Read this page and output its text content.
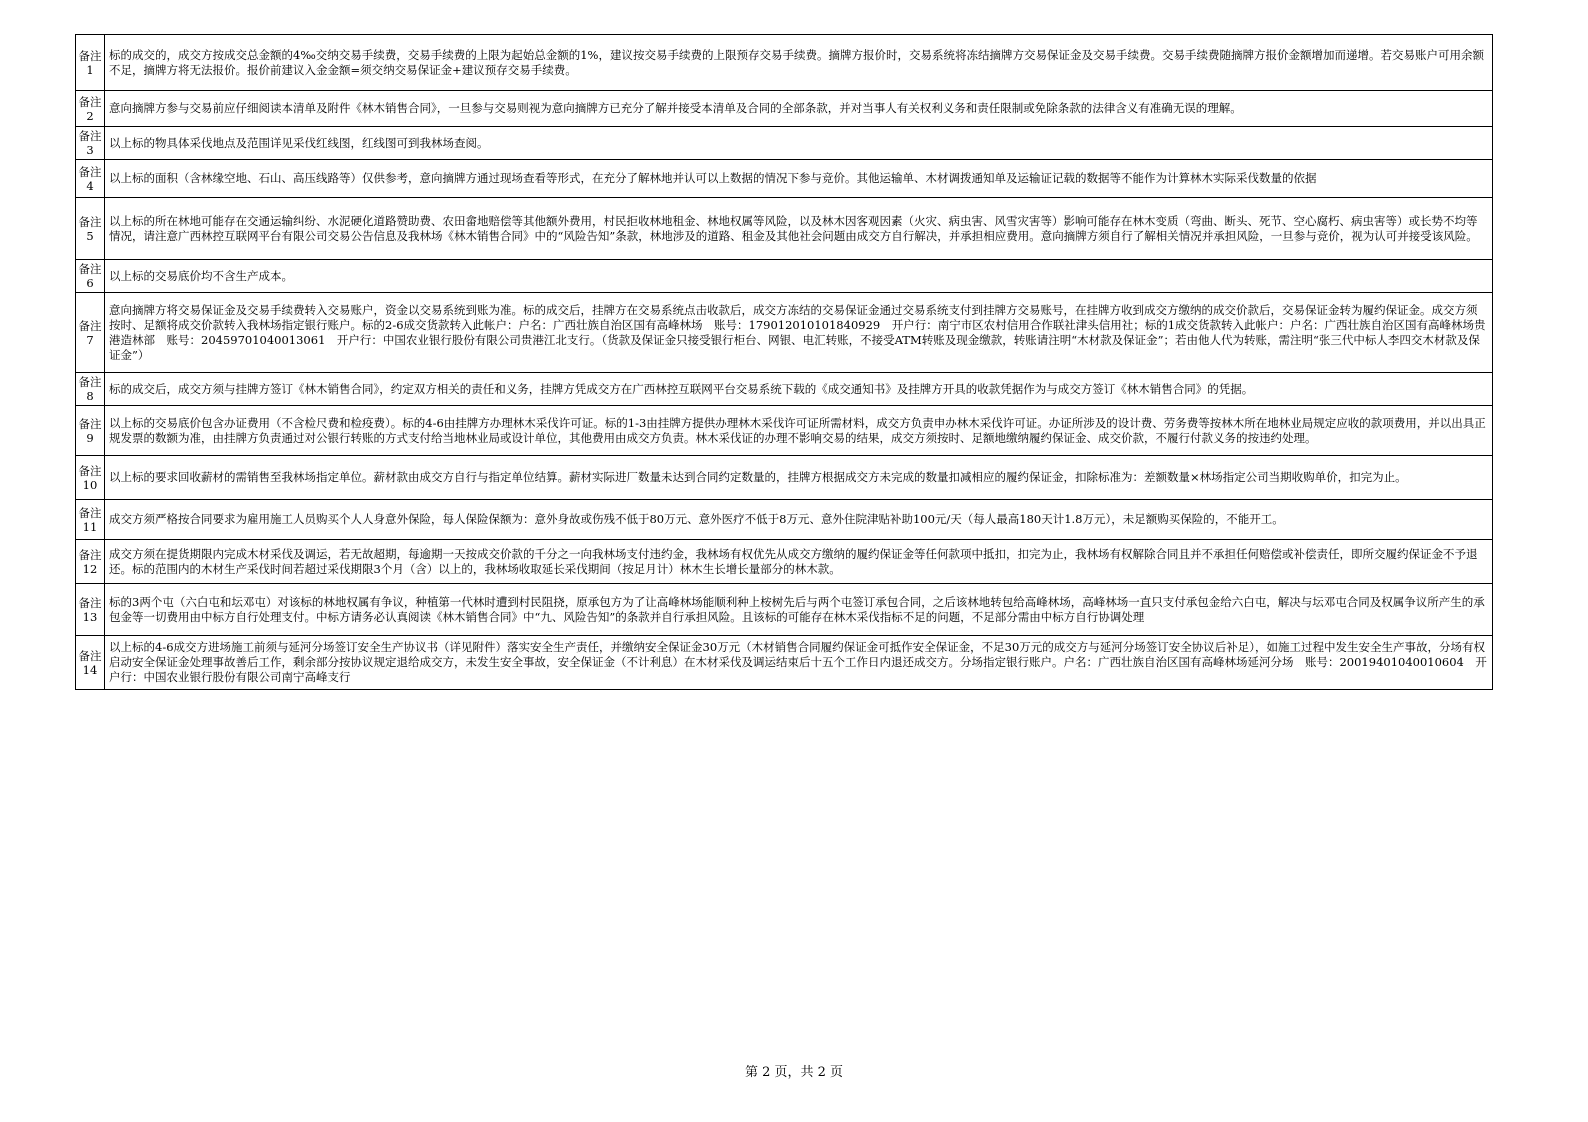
备注
1	标的成交的，成交方按成交总金额的4‰交纳交易手续费，交易手续费的上限为起始总金额的1%，建议按交易手续费的上限预存交易手续费。摘牌方报价时，交易系统将冻结摘牌方交易保证金及交易手续费。交易手续费随摘牌方报价金额增加而递增。若交易账户可用余额不足，摘牌方将无法报价。报价前建议入金金额=须交纳交易保证金+建议预存交易手续费。

备注
2	意向摘牌方参与交易前应仔细阅读本清单及附件《林木销售合同》，一旦参与交易则视为意向摘牌方已充分了解并接受本清单及合同的全部条款，并对当事人有关权利义务和责任限制或免除条款的法律含义有准确无误的理解。

备注
3	以上标的物具体采伐地点及范围详见采伐红线图，红线图可到我林场查阅。

备注
4	以上标的面积（含林缘空地、石山、高压线路等）仅供参考，意向摘牌方通过现场查看等形式，在充分了解林地并认可以上数据的情况下参与竞价。其他运输单、木材调拨通知单及运输证记载的数据等不能作为计算林木实际采伐数量的依据

备注
5	以上标的所在林地可能存在交通运输纠纷、水泥硬化道路赞助费、农田畲地赔偿等其他额外费用，村民拒收林地租金、林地权属等风险，以及林木因客观因素（火灾、病虫害、风雪灾害等）影响可能存在林木变质（弯曲、断头、死节、空心腐朽、病虫害等）或长势不均等情况，请注意广西林控互联网平台有限公司交易公告信息及我林场《林木销售合同》中的“风险告知”条款，林地涉及的道路、租金及其他社会问题由成交方自行解决，并承担相应费用。意向摘牌方须自行了解相关情况并承担风险，一旦参与竞价，视为认可并接受该风险。

备注
6	以上标的交易底价均不含生产成本。

备注
7	意向摘牌方将交易保证金及交易手续费转入交易账户，资金以交易系统到账为准。标的成交后，挂牌方在交易系统点击收款后，成交方冻结的交易保证金通过交易系统支付到挂牌方交易账号，在挂牌方收到成交方缴纳的成交价款后，交易保证金转为履约保证金。成交方须按时、足额将成交价款转入我林场指定银行账户。标的2-6成交货款转入此帐户：户名：广西壮族自治区国有高峰林场　账号：17901201010184092​9　开户行：南宁市区农村信用合作联社津头信用社；标的1成交货款转入此帐户：户名：广西壮族自治区国有高峰林场贵港造林部　账号：20459701040013061　开户行：中国农业银行股份有限公司贵港江北支行。（货款及保证金只接受银行柜台、网银、电汇转账，不接受ATM转账及现金缴款，转账请注明“木材款及保证金”；若由他人代为转账，需注明“张三代中标人李四交木材款及保证金”）

备注
8	标的成交后，成交方须与挂牌方签订《林木销售合同》，约定双方相关的责任和义务，挂牌方凭成交方在广西林控互联网平台交易系统下载的《成交通知书》及挂牌方开具的收款凭据作为与成交方签订《林木销售合同》的凭据。

备注
9	以上标的交易底价包含办证费用（不含检尺费和检疫费）。标的4-6由挂牌方办理林木采伐许可证。标的1-3由挂牌方提供办理林木采伐许可证所需材料，成交方负责申办林木采伐许可证。办证所涉及的设计费、劳务费等按林木所在地林业局规定应收的款项费用，并以出具正规发票的数额为准，由挂牌方负责通过对公银行转账的方式支付给当地林业局或设计单位，其他费用由成交方负责。林木采伐证的办理不影响交易的结果，成交方须按时、足额地缴纳履约保证金、成交价款，不履行付款义务的按违约处理。

备注
10	以上标的要求回收薪材的需销售至我林场指定单位。薪材款由成交方自行与指定单位结算。薪材实际进厂数量未达到合同约定数量的，挂牌方根据成交方未完成的数量扣减相应的履约保证金，扣除标准为：差额数量×林场指定公司当期收购单价，扣完为止。

备注
11	成交方须严格按合同要求为雇用施工人员购买个人人身意外保险，每人保险保额为：意外身故或伤残不低于80万元、意外医疗不低于8万元、意外住院津贴补助100元/天（每人最高180天计1.8万元），未足额购买保险的，不能开工。

备注
12	成交方须在提货期限内完成木材采伐及调运，若无故超期，每逾期一天按成交价款的千分之一向我林场支付违约金，我林场有权优先从成交方缴纳的履约保证金等任何款项中抵扣，扣完为止，我林场有权解除合同且并不承担任何赔偿或补偿责任，即所交履约保证金不予退还。标的范围内的木材生产采伐时间若超过采伐期限3个月（含）以上的，我林场收取延长采伐期间（按足月计）林木生长增长量部分的林木款。

备注
13	标的3两个屯（六白屯和坛邓屯）对该标的林地权属有争议，种植第一代林时遭到村民阻挠，原承包方为了让高峰林场能顺利种上桉树先后与两个屯签订承包合同，之后该林地转包给高峰林场，高峰林场一直只支付承包金给六白屯，解决与坛邓屯合同及权属争议所产生的承包金等一切费用由中标方自行处理支付。中标方请务必认真阅读《林木销售合同》中“九、风险告知”的条款并自行承担风险。且该标的可能存在林木采伐指标不足的问题，不足部分需由中标方自行协调处理

备注
14	以上标的4-6成交方进场施工前须与延河分场签订安全生产协议书（详见附件）落实安全生产责任，并缴纳安全保证金30万元（木材销售合同履约保证金可抵作安全保证金，不足30万元的成交方与延河分场签订安全协议后补足），如施工过程中发生安全生产事故，分场有权启动安全保证金处理事故善后工作，剩余部分按协议规定退给成交方，未发生安全事故，安全保证金（不计利息）在木材采伐及调运结束后十五个工作日内退还成交方。分场指定银行账户。户名：广西壮族自治区国有高峰林场延河分场　账号：20019401040010604　开户行：中国农业银行股份有限公司南宁高峰支行
第 2 页，共 2 页
